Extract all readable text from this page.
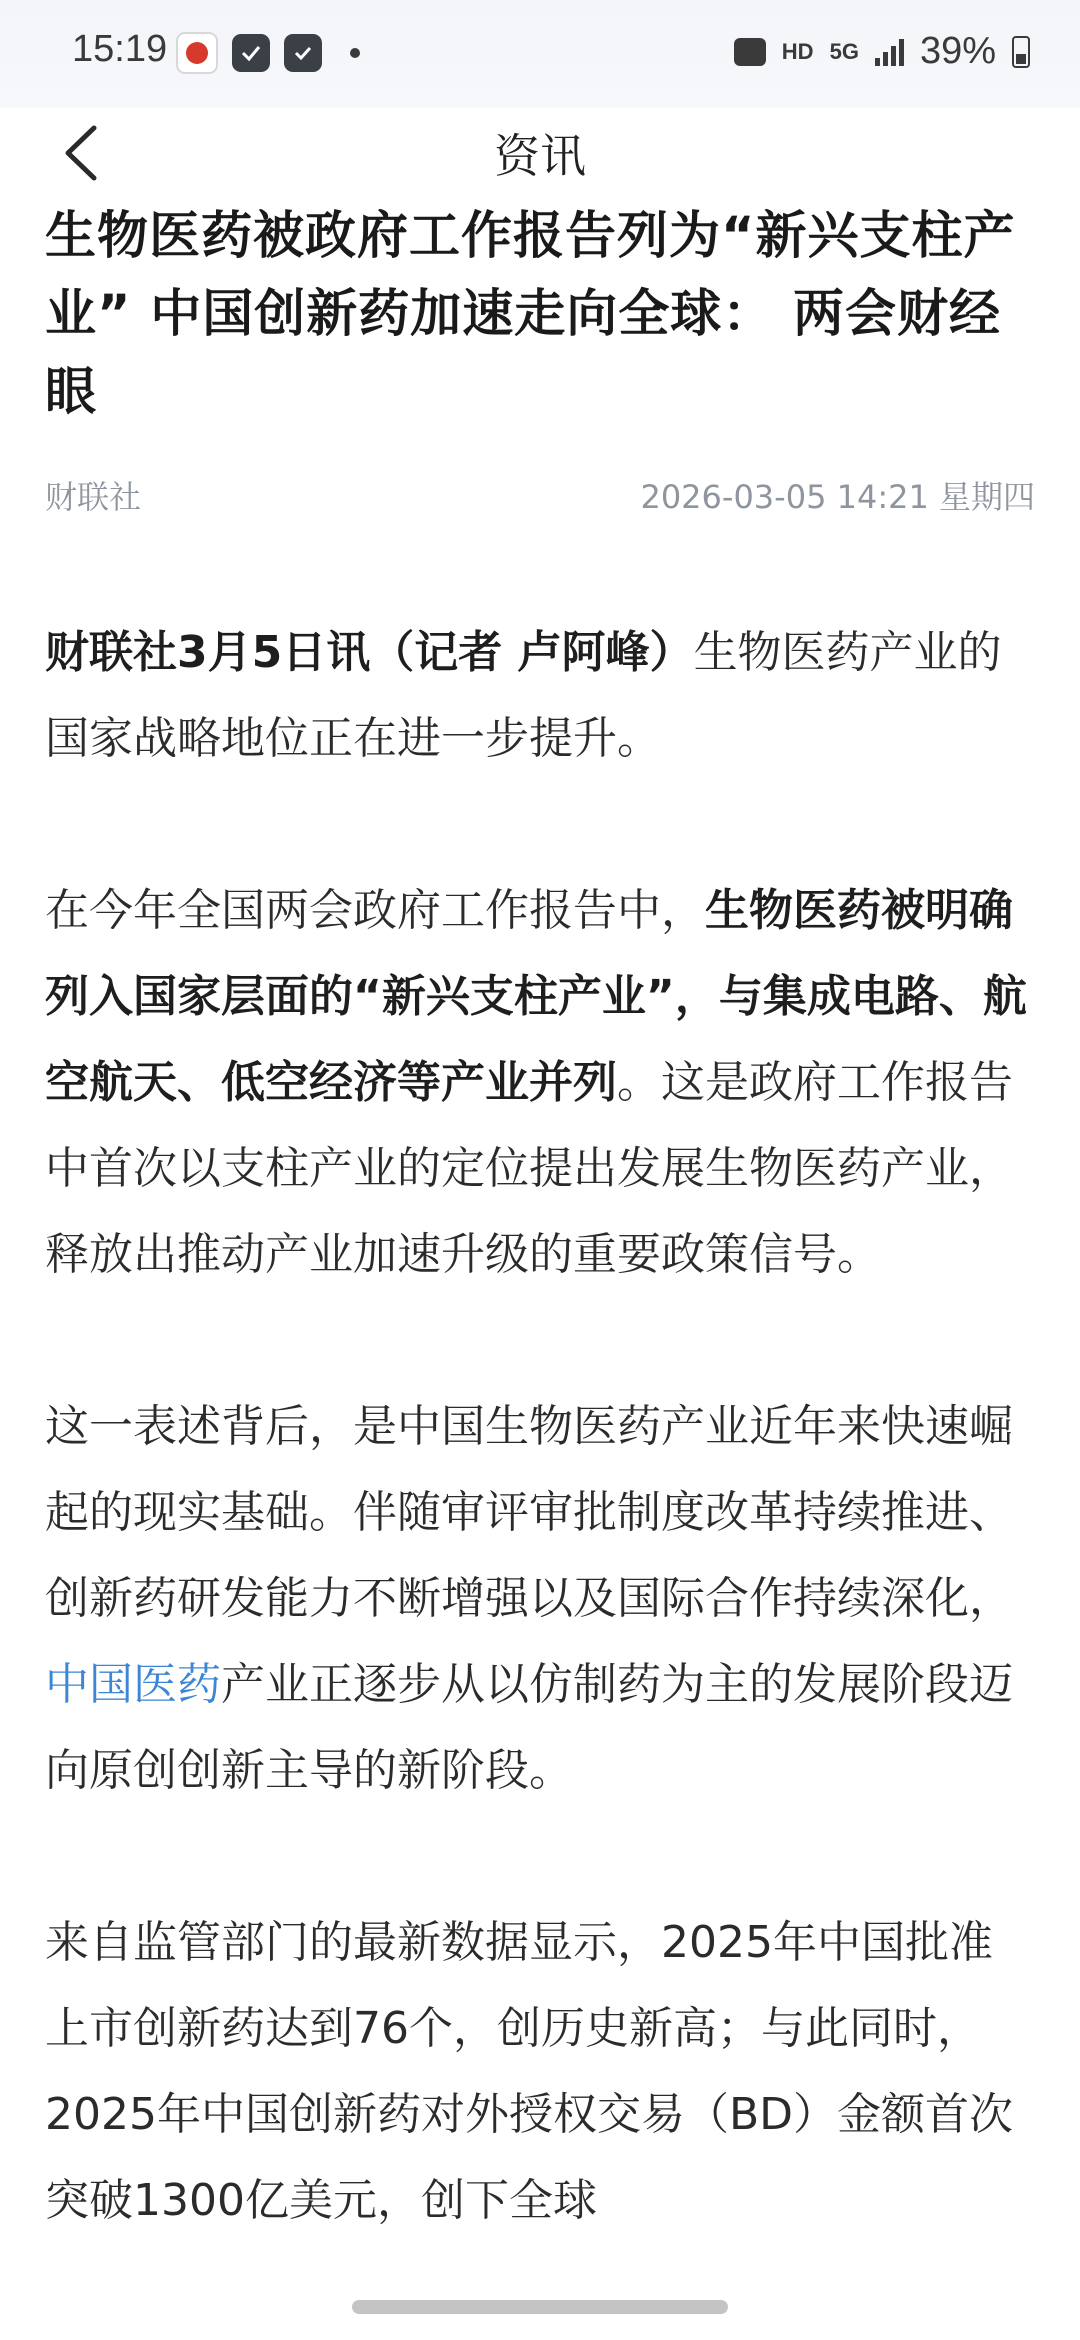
15:19	HD 5G 39%
资讯
生物医药被政府工作报告列为“新兴支柱产业” 中国创新药加速走向全球： 两会财经眼
财联社	2026-03-05 14:21 星期四

财联社3月5日讯（记者 卢阿峰）生物医药产业的国家战略地位正在进一步提升。

在今年全国两会政府工作报告中，生物医药被明确列入国家层面的“新兴支柱产业”，与集成电路、航空航天、低空经济等产业并列。这是政府工作报告中首次以支柱产业的定位提出发展生物医药产业，释放出推动产业加速升级的重要政策信号。

这一表述背后，是中国生物医药产业近年来快速崛起的现实基础。伴随审评审批制度改革持续推进、创新药研发能力不断增强以及国际合作持续深化，中国医药产业正逐步从以仿制药为主的发展阶段迈向原创创新主导的新阶段。

来自监管部门的最新数据显示，2025年中国批准上市创新药达到76个，创历史新高；与此同时，2025年中国创新药对外授权交易（BD）金额首次突破1300亿美元，创下全球
